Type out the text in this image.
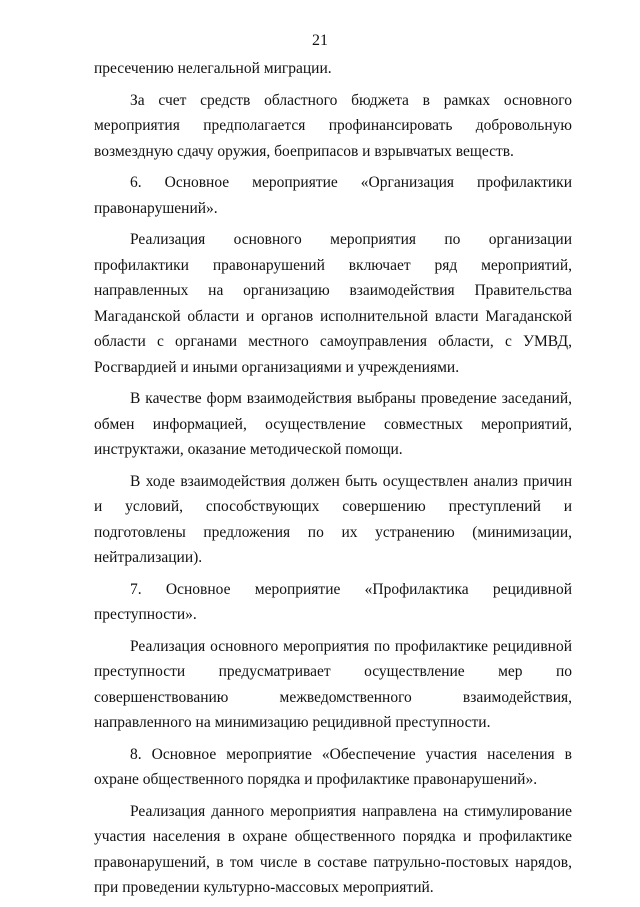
21

пресечению нелегальной миграции.

За счет средств областного бюджета в рамках основного мероприятия предполагается профинансировать добровольную возмездную сдачу оружия, боеприпасов и взрывчатых веществ.

6. Основное мероприятие «Организация профилактики правонарушений».

Реализация основного мероприятия по организации профилактики правонарушений включает ряд мероприятий, направленных на организацию взаимодействия Правительства Магаданской области и органов исполнительной власти Магаданской области с органами местного самоуправления области, с УМВД, Росгвардией и иными организациями и учреждениями.

В качестве форм взаимодействия выбраны проведение заседаний, обмен информацией, осуществление совместных мероприятий, инструктажи, оказание методической помощи.

В ходе взаимодействия должен быть осуществлен анализ причин и условий, способствующих совершению преступлений и подготовлены предложения по их устранению (минимизации, нейтрализации).

7. Основное мероприятие «Профилактика рецидивной преступности».

Реализация основного мероприятия по профилактике рецидивной преступности предусматривает осуществление мер по совершенствованию межведомственного взаимодействия, направленного на минимизацию рецидивной преступности.

8. Основное мероприятие «Обеспечение участия населения в охране общественного порядка и профилактике правонарушений».

Реализация данного мероприятия направлена на стимулирование участия населения в охране общественного порядка и профилактике правонарушений, в том числе в составе патрульно-постовых нарядов, при проведении культурно-массовых мероприятий.
